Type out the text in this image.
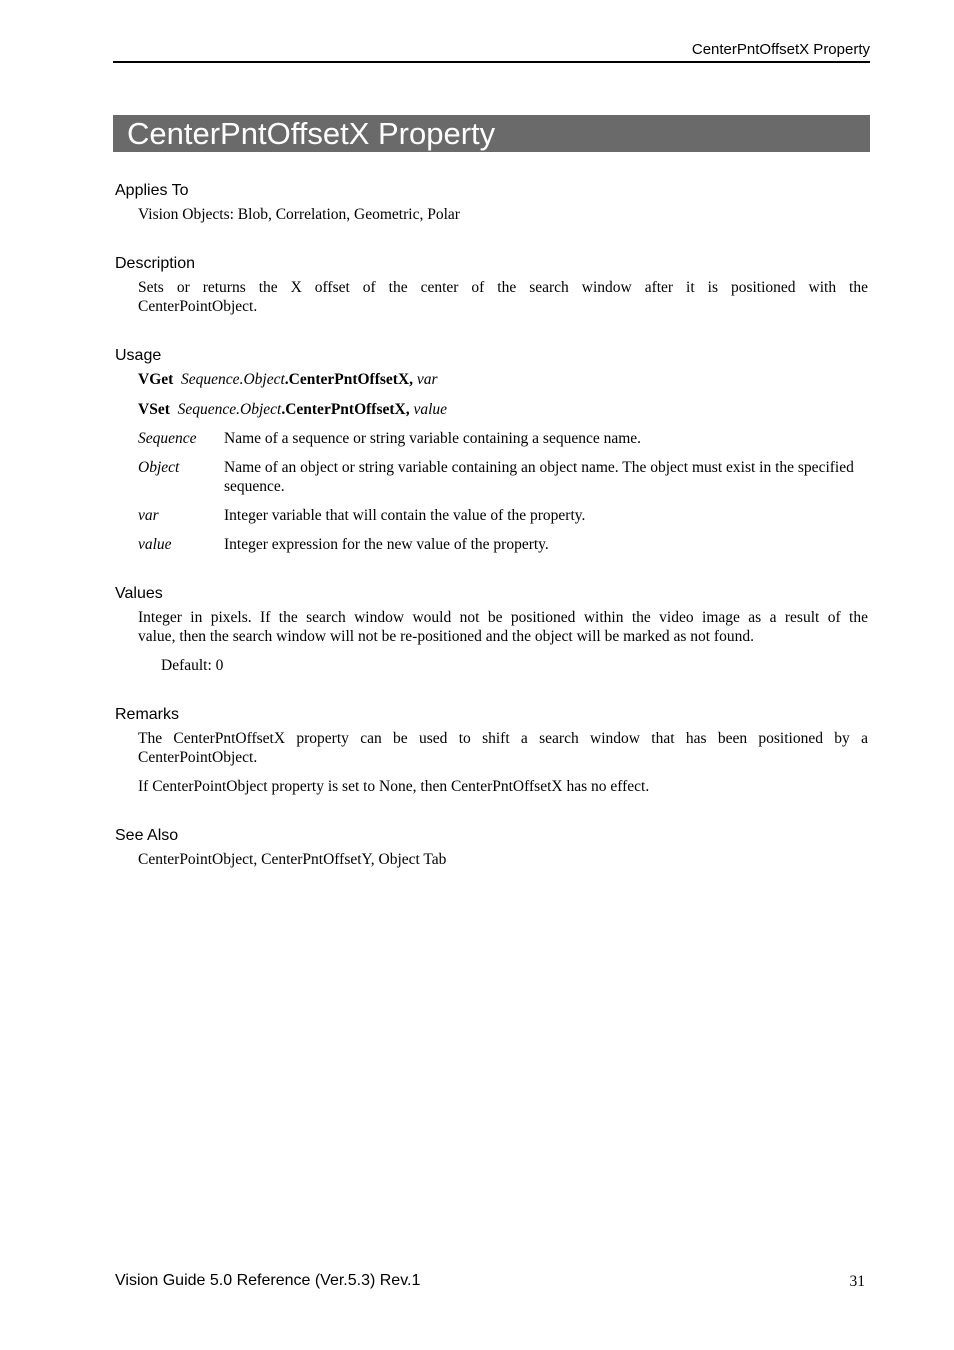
CenterPntOffsetX Property
CenterPntOffsetX Property
Applies To
Vision Objects: Blob, Correlation, Geometric, Polar
Description
Sets or returns the X offset of the center of the search window after it is positioned with the
CenterPointObject.
Usage
VGet Sequence.Object.CenterPntOffsetX, var
VSet Sequence.Object.CenterPntOffsetX, value
Sequence Name of a sequence or string variable containing a sequence name.
Object	Name of an object or string variable containing an object name. The object must exist in the specified sequence.
var	Integer variable that will contain the value of the property.
value	Integer expression for the new value of the property.
Values
Integer in pixels. If the search window would not be positioned within the video image as a result of the
value, then the search window will not be re-positioned and the object will be marked as not found.
Default: 0
Remarks
The CenterPntOffsetX property can be used to shift a search window that has been positioned by a
CenterPointObject.
If CenterPointObject property is set to None, then CenterPntOffsetX has no effect.
See Also
CenterPointObject, CenterPntOffsetY, Object Tab
Vision Guide 5.0 Reference (Ver.5.3) Rev.1	31
